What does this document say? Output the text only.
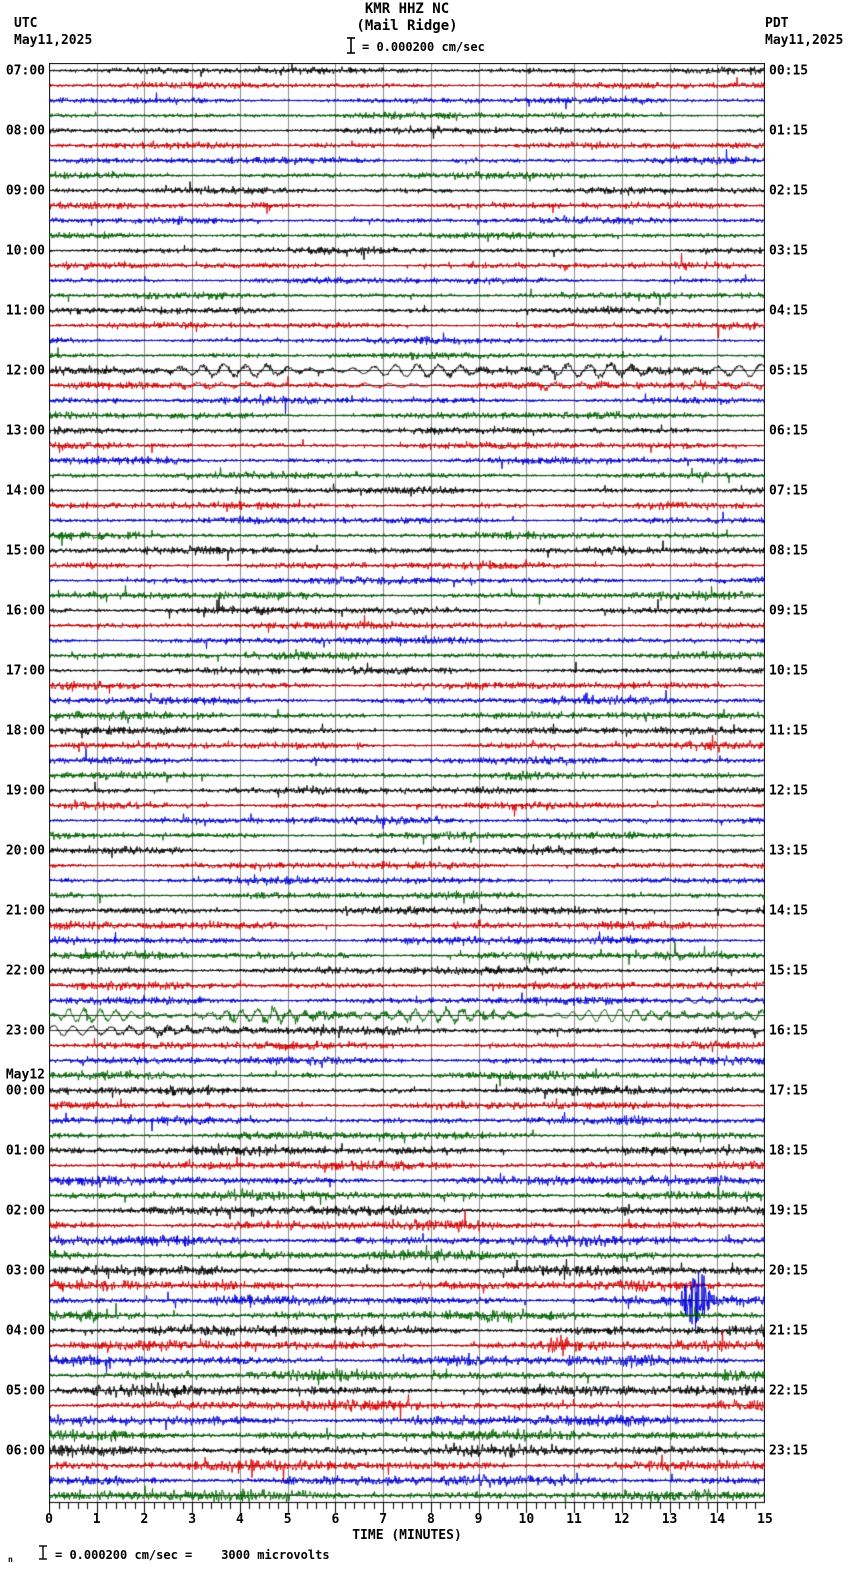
UTC
May11,2025
KMR HHZ NC
(Mail Ridge)
= 0.000200 cm/sec
PDT
May11,2025
07:00
08:00
09:00
10:00
11:00
12:00
13:00
14:00
15:00
16:00
17:00
18:00
19:00
20:00
21:00
22:00
23:00
00:00
01:00
02:00
03:00
04:00
05:00
06:00
00:15
01:15
02:15
03:15
04:15
05:15
06:15
07:15
08:15
09:15
10:15
11:15
12:15
13:15
14:15
15:15
16:15
17:15
18:15
19:15
20:15
21:15
22:15
23:15
May12
0	1	2	3	4	5	6	7	8	9	10 11 12 13 14 15
TIME (MINUTES)
n	= 0.000200 cm/sec = 3000 microvolts
